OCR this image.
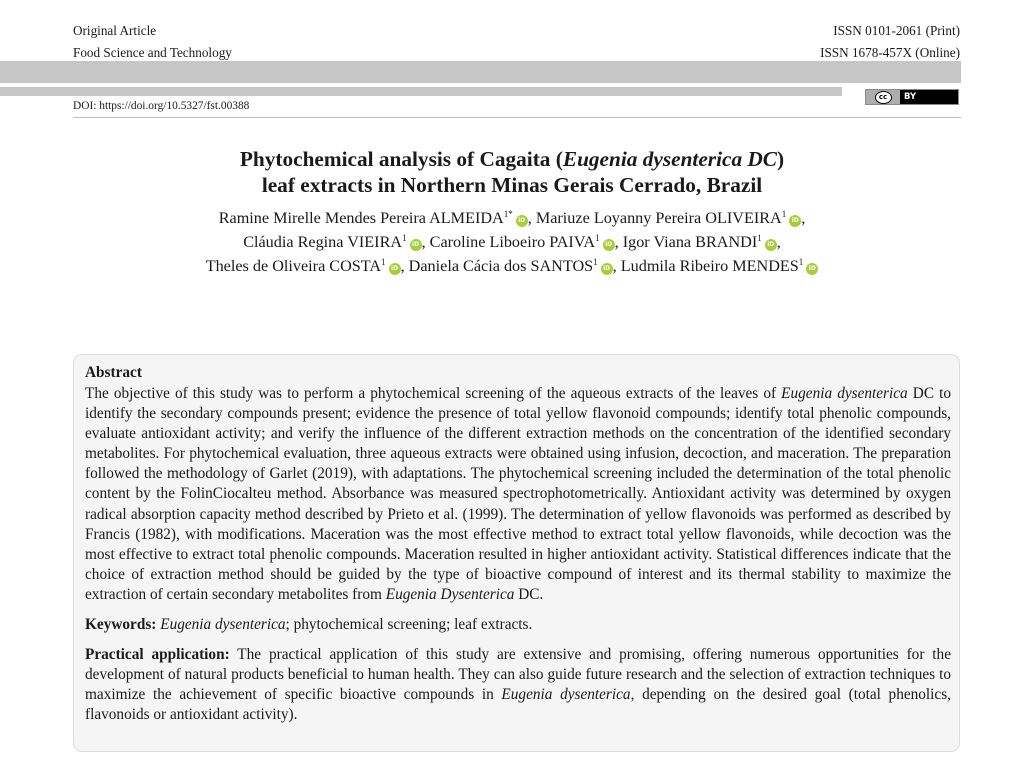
Original Article
Food Science and Technology
ISSN 0101-2061 (Print)
ISSN 1678-457X (Online)
DOI: https://doi.org/10.5327/fst.00388
cc	BY
Phytochemical analysis of Cagaita (Eugenia dysenterica DC)
leaf extracts in Northern Minas Gerais Cerrado, Brazil
Ramine Mirelle Mendes Pereira $ALMEIDA^{1*}iD$ , Mariuze Loyanny Pereira OLIVEIRA$^1$iD ,
Cláudia Regina VIEIRA$^1$iD , Caroline Liboeiro PAIVA$^1$iD , Igor Viana BRANDI$^1$iD ,
Theles de Oliveira COSTA$^1$iD , Daniela Cácia dos SANTOS$^1$iD , Ludmila Ribeiro MENDES$^1$iD
Abstract

The objective of this study was to perform a phytochemical screening of the aqueous extracts of the leaves of Eugenia dysenterica DC to identify the secondary compounds present; evidence the presence of total yellow flavonoid compounds; identify total phenolic compounds, evaluate antioxidant activity; and verify the influence of the different extraction methods on the concentration of the identified secondary metabolites. For phytochemical evaluation, three aqueous extracts were obtained using infusion, decoction, and maceration. The preparation followed the methodology of Garlet (2019), with adaptations. The phytochemical screening included the determination of the total phenolic content by the FolinCiocalteu method. Absorbance was measured spectrophotometrically. Antioxidant activity was determined by oxygen radical absorption capacity method described by Prieto et al. (1999). The determination of yellow flavonoids was performed as described by Francis (1982), with modifications. Maceration was the most effective method to extract total yellow flavonoids, while decoction was the most effective to extract total phenolic compounds. Maceration resulted in higher antioxidant activity. Statistical differences indicate that the choice of extraction method should be guided by the type of bioactive compound of interest and its thermal stability to maximize the extraction of certain secondary metabolites from Eugenia Dysenterica DC.

Keywords: Eugenia dysenterica; phytochemical screening; leaf extracts.

Practical application: The practical application of this study are extensive and promising, offering numerous opportunities for the development of natural products beneficial to human health. They can also guide future research and the selection of extraction techniques to maximize the achievement of specific bioactive compounds in Eugenia dysenterica, depending on the desired goal (total phenolics, flavonoids or antioxidant activity).
